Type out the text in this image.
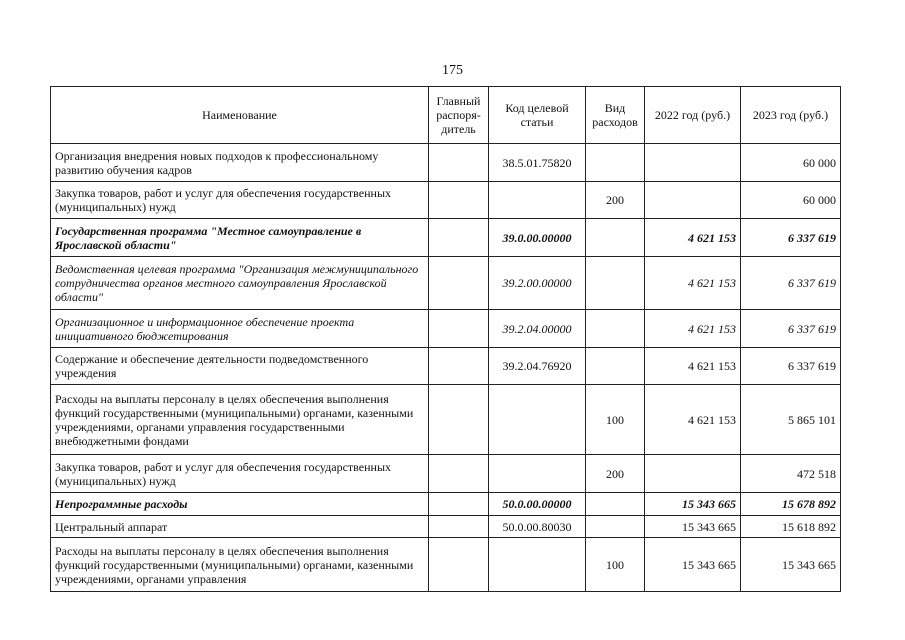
175
Наименование	Главный распоря- дитель	Код целевой статьи	Вид расходов	2022 год (руб.)	2023 год (руб.)
Организация внедрения новых подходов к профессиональному развитию обучения кадров		38.5.01.75820			60 000
Закупка товаров, работ и услуг для обеспечения государственных (муниципальных) нужд			200		60 000
Государственная программа "Местное самоуправление в Ярославской области"		39.0.00.00000		4 621 153	6 337 619
Ведомственная целевая программа "Организация межмуниципального сотрудничества органов местного самоуправления Ярославской области"		39.2.00.00000		4 621 153	6 337 619
Организационное и информационное обеспечение проекта инициативного бюджетирования		39.2.04.00000		4 621 153	6 337 619
Содержание и обеспечение деятельности подведомственного учреждения		39.2.04.76920		4 621 153	6 337 619
Расходы на выплаты персоналу в целях обеспечения выполнения функций государственными (муниципальными) органами, казенными учреждениями, органами управления государственными внебюджетными фондами			100	4 621 153	5 865 101
Закупка товаров, работ и услуг для обеспечения государственных (муниципальных) нужд			200		472 518
Непрограммные расходы		50.0.00.00000		15 343 665	15 678 892
Центральный аппарат		50.0.00.80030		15 343 665	15 618 892
Расходы на выплаты персоналу в целях обеспечения выполнения функций государственными (муниципальными) органами, казенными учреждениями, органами управления			100	15 343 665	15 343 665
